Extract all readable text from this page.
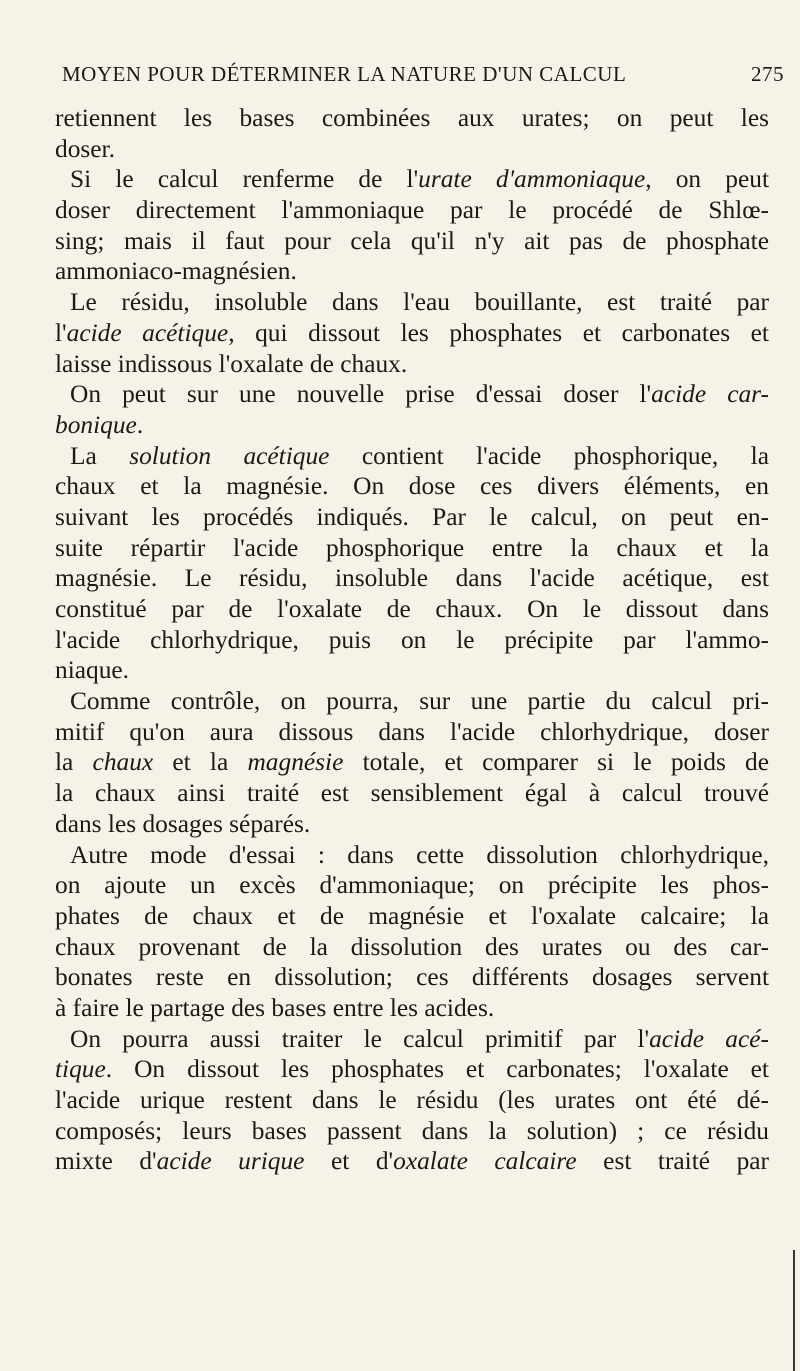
MOYEN POUR DÉTERMINER LA NATURE D'UN CALCUL	275
retiennent les bases combinées aux urates; on peut les
doser.
Si le calcul renferme de l'urate d'ammoniaque, on peut
doser directement l'ammoniaque par le procédé de Shlœ-
sing; mais il faut pour cela qu'il n'y ait pas de phosphate
ammoniaco-magnésien.
Le résidu, insoluble dans l'eau bouillante, est traité par
l'acide acétique, qui dissout les phosphates et carbonates et
laisse indissous l'oxalate de chaux.
On peut sur une nouvelle prise d'essai doser l'acide car-
bonique.
La solution acétique contient l'acide phosphorique, la
chaux et la magnésie. On dose ces divers éléments, en
suivant les procédés indiqués. Par le calcul, on peut en-
suite répartir l'acide phosphorique entre la chaux et la
magnésie. Le résidu, insoluble dans l'acide acétique, est
constitué par de l'oxalate de chaux. On le dissout dans
l'acide chlorhydrique, puis on le précipite par l'ammo-
niaque.
Comme contrôle, on pourra, sur une partie du calcul pri-
mitif qu'on aura dissous dans l'acide chlorhydrique, doser
la chaux et la magnésie totale, et comparer si le poids de
la chaux ainsi traité est sensiblement égal à calcul trouvé
dans les dosages séparés.
Autre mode d'essai : dans cette dissolution chlorhydrique,
on ajoute un excès d'ammoniaque; on précipite les phos-
phates de chaux et de magnésie et l'oxalate calcaire; la
chaux provenant de la dissolution des urates ou des car-
bonates reste en dissolution; ces différents dosages servent
à faire le partage des bases entre les acides.
On pourra aussi traiter le calcul primitif par l'acide acé-
tique. On dissout les phosphates et carbonates; l'oxalate et
l'acide urique restent dans le résidu (les urates ont été dé-
composés; leurs bases passent dans la solution) ; ce résidu
mixte d'acide urique et d'oxalate calcaire est traité par
